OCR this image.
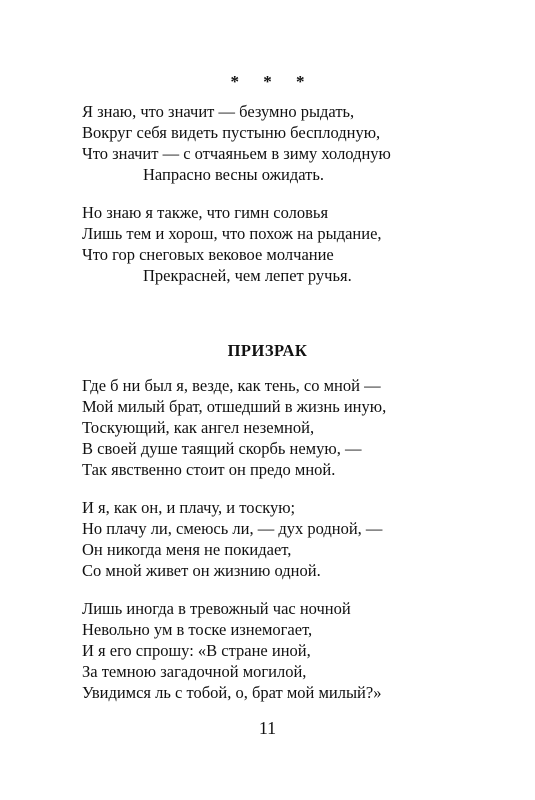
* * *
Я знаю, что значит — безумно рыдать,
Вокруг себя видеть пустыню бесплодную,
Что значит — с отчаяньем в зиму холодную
Напрасно весны ожидать.
Но знаю я также, что гимн соловья
Лишь тем и хорош, что похож на рыдание,
Что гор снеговых вековое молчание
Прекрасней, чем лепет ручья.
ПРИЗРАК
Где б ни был я, везде, как тень, со мной —
Мой милый брат, отшедший в жизнь иную,
Тоскующий, как ангел неземной,
В своей душе таящий скорбь немую, —
Так явственно стоит он предо мной.
И я, как он, и плачу, и тоскую;
Но плачу ли, смеюсь ли, — дух родной, —
Он никогда меня не покидает,
Со мной живет он жизнию одной.
Лишь иногда в тревожный час ночной
Невольно ум в тоске изнемогает,
И я его спрошу: «В стране иной,
За темною загадочной могилой,
Увидимся ль с тобой, о, брат мой милый?»
11
